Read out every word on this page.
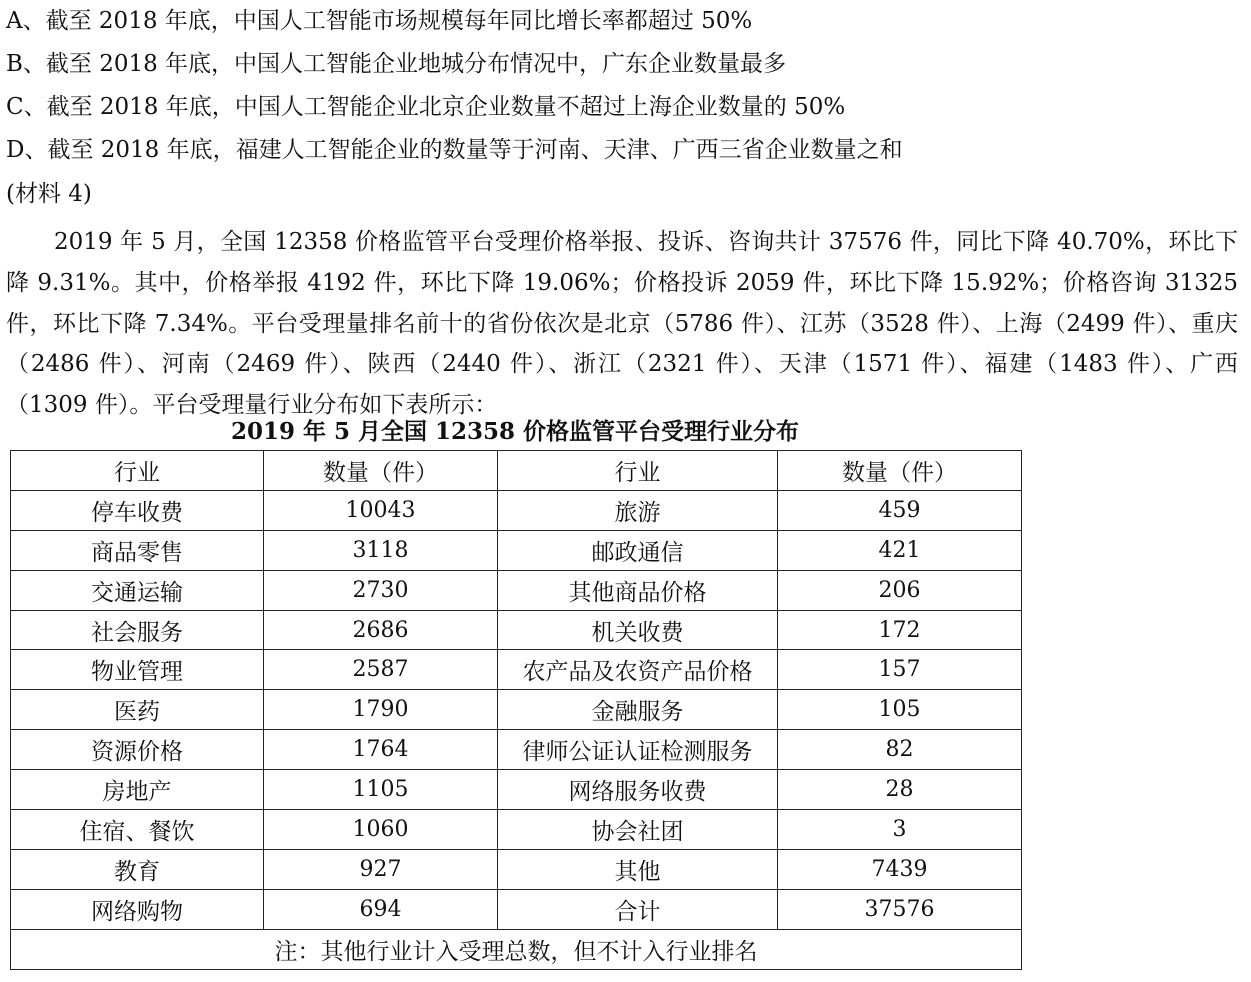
A、截至 2018 年底，中国人工智能市场规模每年同比增长率都超过 50%
B、截至 2018 年底，中国人工智能企业地城分布情况中，广东企业数量最多
C、截至 2018 年底，中国人工智能企业北京企业数量不超过上海企业数量的 50%
D、截至 2018 年底，福建人工智能企业的数量等于河南、天津、广西三省企业数量之和
(材料 4)
2019 年 5 月，全国 12358 价格监管平台受理价格举报、投诉、咨询共计 37576 件，同比下降 40.70%，环比下降 9.31%。其中，价格举报 4192 件，环比下降 19.06%；价格投诉 2059 件，环比下降 15.92%；价格咨询 31325 件，环比下降 7.34%。平台受理量排名前十的省份依次是北京（5786 件）、江苏（3528 件）、上海（2499 件）、重庆（2486 件）、河南（2469 件）、陕西（2440 件）、浙江（2321 件）、天津（1571 件）、福建（1483 件）、广西（1309 件）。平台受理量行业分布如下表所示：
2019 年 5 月全国 12358 价格监管平台受理行业分布
行业	数量（件）	行业	数量（件）
停车收费	10043	旅游	459
商品零售	3118	邮政通信	421
交通运输	2730	其他商品价格	206
社会服务	2686	机关收费	172
物业管理	2587	农产品及农资产品价格	157
医药	1790	金融服务	105
资源价格	1764	律师公证认证检测服务	82
房地产	1105	网络服务收费	28
住宿、餐饮	1060	协会社团	3
教育	927	其他	7439
网络购物	694	合计	37576
注：其他行业计入受理总数，但不计入行业排名			
